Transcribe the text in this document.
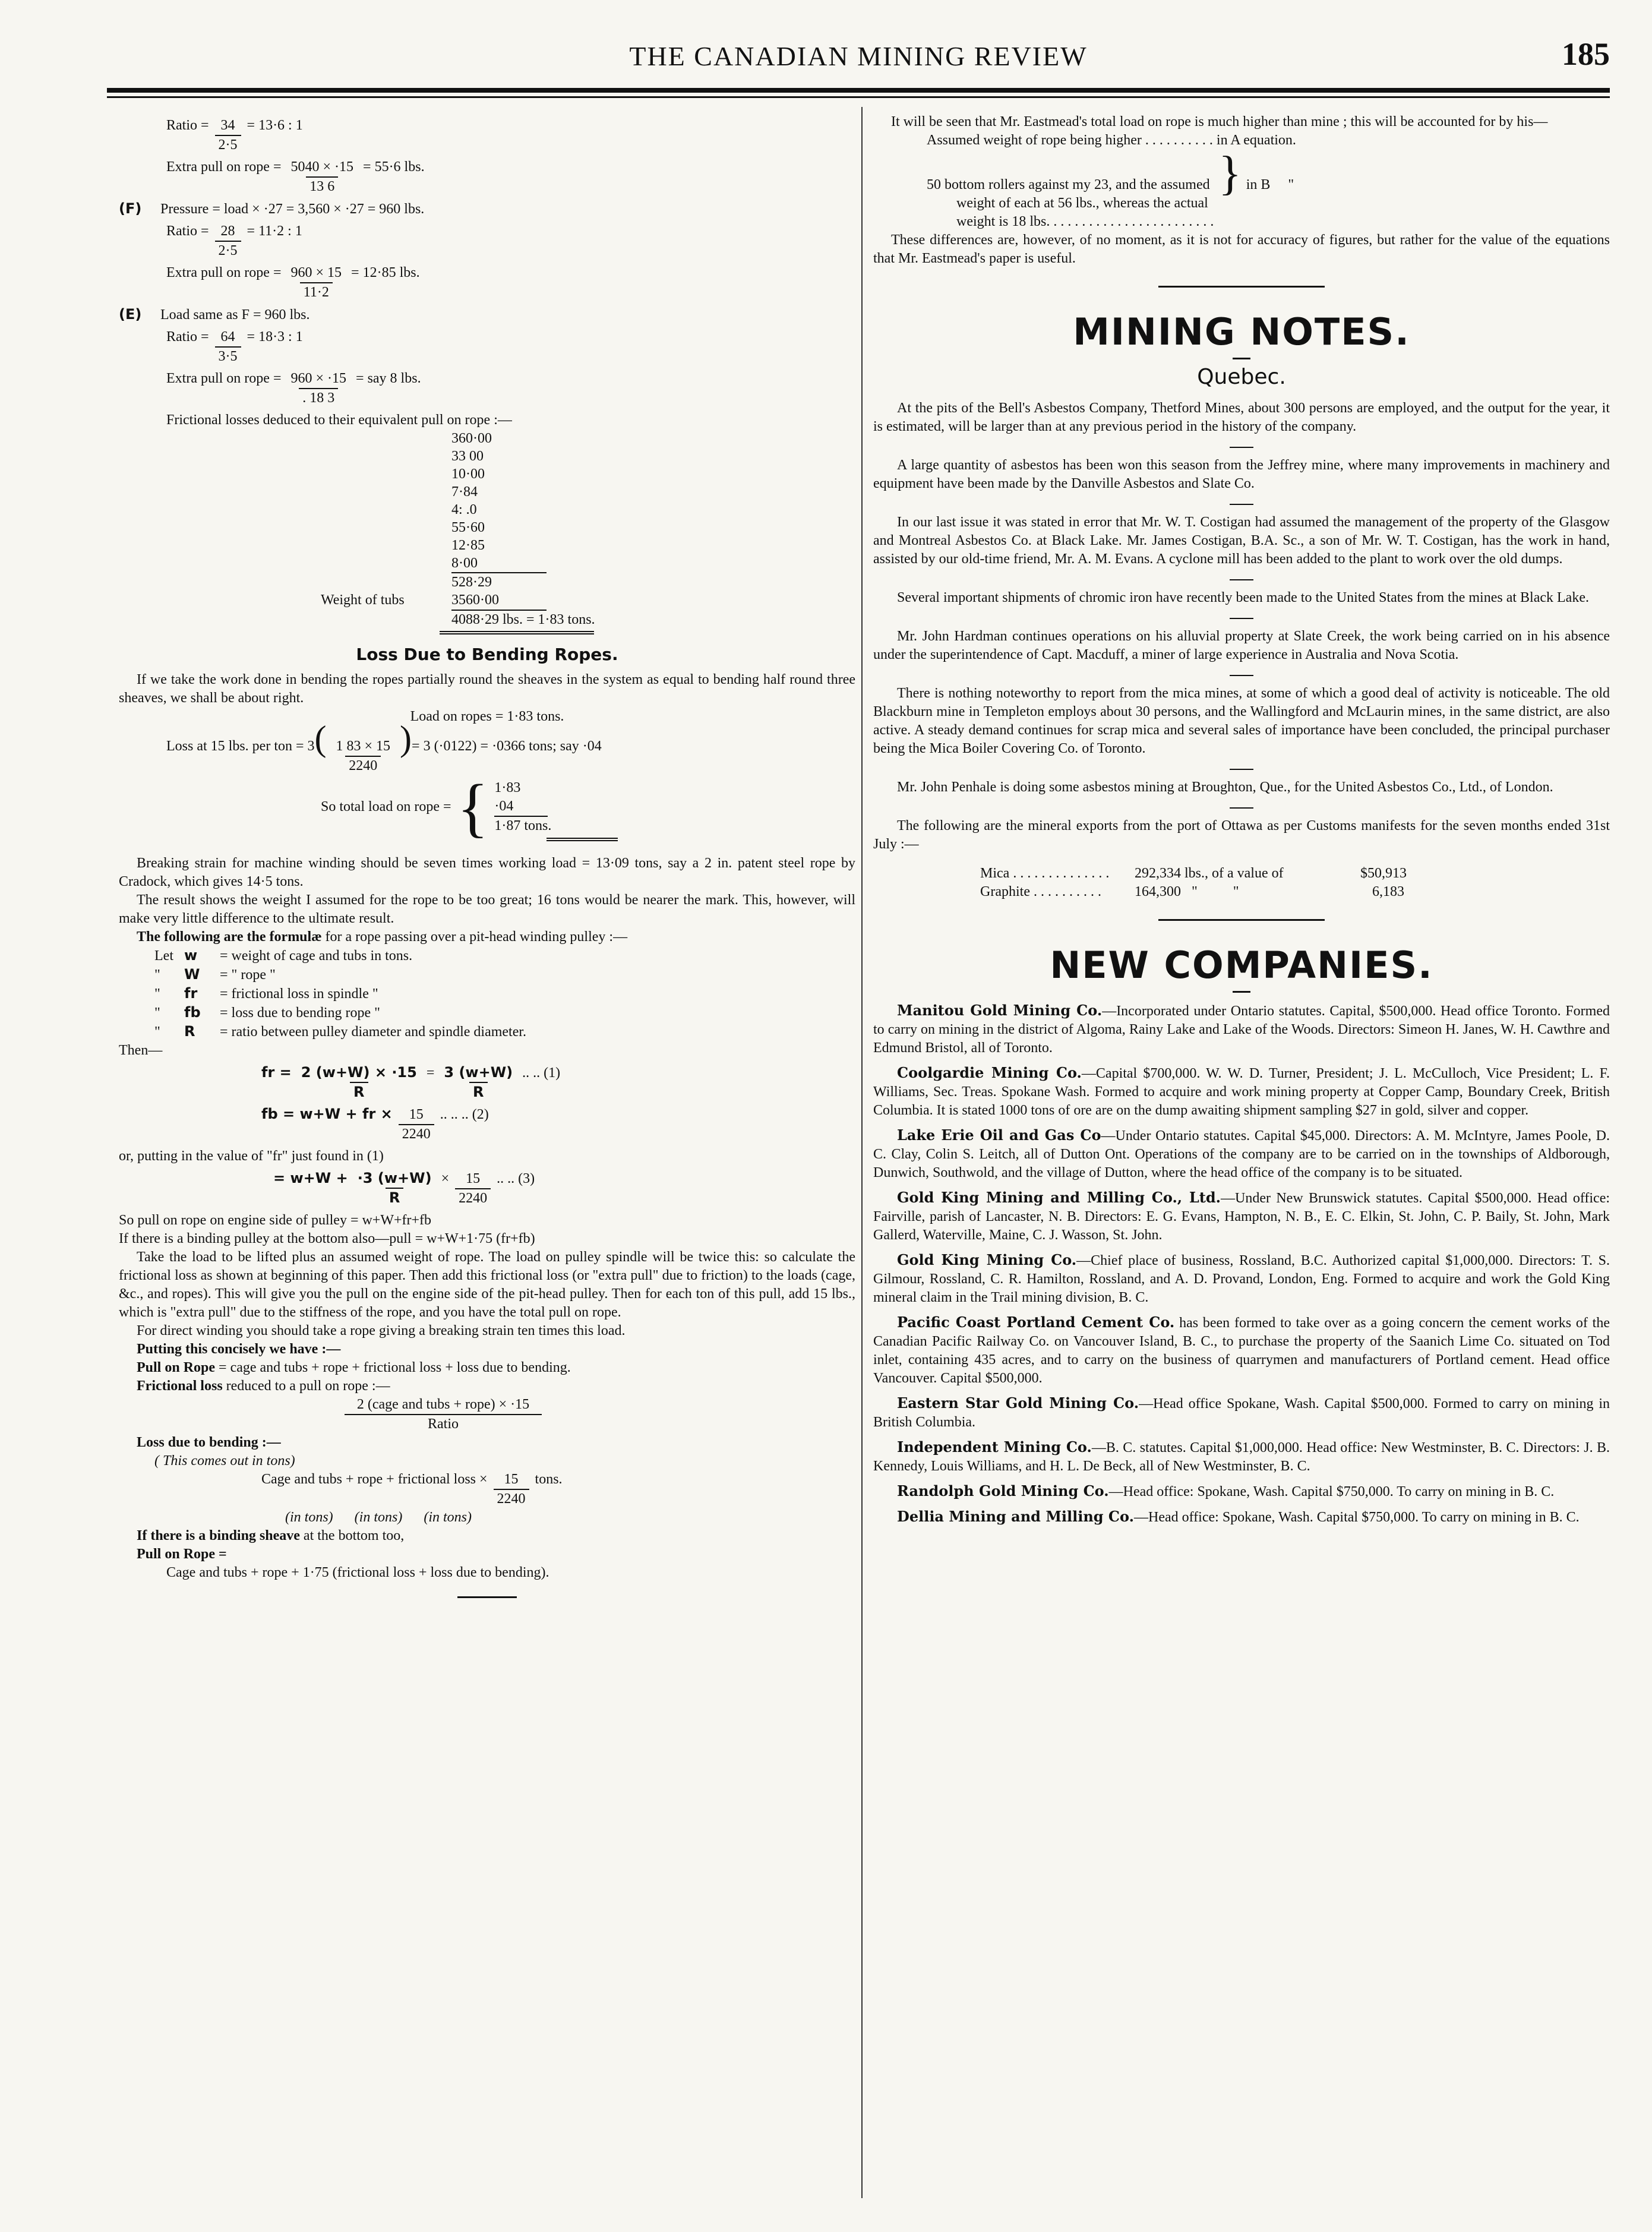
THE CANADIAN MINING REVIEW	185
Ratio = $\frac{34}{2\cdot 5} = 13\cdot 6$ : 1
Extra pull on rope = $\frac{5040 \times \cdot 15}{13 6} = 55\cdot 6$ lbs.
(F)	Pressure = load × ·27 = 3,560 × ·27 = 960 lbs.
Ratio = $\frac{28}{2\cdot 5} = 11\cdot 2$ : 1
Extra pull on rope = $\frac{960 \times 15}{11\cdot 2} = 12\cdot 85$ lbs.
(E)	Load same as F = 960 lbs.
Ratio = $\frac{64}{3\cdot 5} = 18\cdot 3$ : 1
Extra pull on rope = $\frac{960 \times \cdot 15}{. 18 3}$ = say 8 lbs.
Frictional losses deduced to their equivalent pull on rope :—
360·00
33 00
10·00
7·84
4: .0
55·60
12·85
8·00
528·29
Weight of tubs	3560·00
4088·29 lbs. = 1·83 tons.
Loss Due to Bending Ropes.

If we take the work done in bending the ropes partially round the sheaves in the system as equal to bending half round three sheaves, we shall be about right.

Load on ropes = 1·83 tons.
Loss at 15 lbs. per ton = 3 ( $\frac{1 83 \times 15}{2240}$ ) = 3 (·0122) = ·0366 tons; say ·04
So total load on rope = { 1·83
·04
1·87 tons.

Breaking strain for machine winding should be seven times working load = 13·09 tons, say a 2 in. patent steel rope by Cradock, which gives 14·5 tons.

The result shows the weight I assumed for the rope to be too great; 16 tons would be nearer the mark. This, however, will make very little difference to the ultimate result.

The following are the formulæ for a rope passing over a pit-head winding pulley :—

Let w	= weight of cage and tubs in tons.
"	W	= " rope "
"	fr	= frictional loss in spindle "
"	fb	= loss due to bending rope "
"	R	= ratio between pulley diameter and spindle diameter.
Then—
fr = $\frac{2 (w+W) \times \cdot 15}{R} = \frac{3 (w+W)}{R}$ .. .. (1)
fb = w+W + fr × $\frac{15}{2240}$ .. .. .. (2)
or, putting in the value of "fr" just found in (1)
= $w+W + \frac{\cdot 3 (w+W)}{R} \times \frac{15}{2240}$ .. .. (3)
So pull on rope on engine side of pulley = w+W+fr+fb
If there is a binding pulley at the bottom also—pull = w+W+1·75 (fr+fb)

Take the load to be lifted plus an assumed weight of rope. The load on pulley spindle will be twice this: so calculate the frictional loss as shown at beginning of this paper. Then add this frictional loss (or "extra pull" due to friction) to the loads (cage, &c., and ropes). This will give you the pull on the engine side of the pit-head pulley. Then for each ton of this pull, add 15 lbs., which is "extra pull" due to the stiffness of the rope, and you have the total pull on rope.

For direct winding you should take a rope giving a breaking strain ten times this load.

Putting this concisely we have :—
Pull on Rope = cage and tubs + rope + frictional loss + loss due to bending.
Frictional loss reduced to a pull on rope :—
$\frac{\text{2 (cage and tubs + rope) × ·15}}{\text{Ratio}}$
Loss due to bending :—
( This comes out in tons)
Cage and tubs + rope + frictional loss × $\frac{15}{2240}$ tons.
(in tons)      (in tons)      (in tons)
If there is a binding sheave at the bottom too,
Pull on Rope =
Cage and tubs + rope + 1·75 (frictional loss + loss due to bending).

It will be seen that Mr. Eastmead's total load on rope is much higher than mine ; this will be accounted for by his—

Assumed weight of rope being higher . . . . . . . . . . in A equation.
50 bottom rollers against my 23, and the assumed
weight of each at 56 lbs., whereas the actual
weight is 18 lbs. . . . . . . . . . . . . . . . . . . . . . . .
} in B     "

These differences are, however, of no moment, as it is not for accuracy of figures, but rather for the value of the equations that Mr. Eastmead's paper is useful.

MINING NOTES.
Quebec.

At the pits of the Bell's Asbestos Company, Thetford Mines, about 300 persons are employed, and the output for the year, it is estimated, will be larger than at any previous period in the history of the company.

A large quantity of asbestos has been won this season from the Jeffrey mine, where many improvements in machinery and equipment have been made by the Danville Asbestos and Slate Co.

In our last issue it was stated in error that Mr. W. T. Costigan had assumed the management of the property of the Glasgow and Montreal Asbestos Co. at Black Lake. Mr. James Costigan, B.A. Sc., a son of Mr. W. T. Costigan, has the work in hand, assisted by our old-time friend, Mr. A. M. Evans. A cyclone mill has been added to the plant to work over the old dumps.

Several important shipments of chromic iron have recently been made to the United States from the mines at Black Lake.

Mr. John Hardman continues operations on his alluvial property at Slate Creek, the work being carried on in his absence under the superintendence of Capt. Macduff, a miner of large experience in Australia and Nova Scotia.

There is nothing noteworthy to report from the mica mines, at some of which a good deal of activity is noticeable. The old Blackburn mine in Templeton employs about 30 persons, and the Wallingford and McLaurin mines, in the same district, are also active. A steady demand continues for scrap mica and several sales of importance have been concluded, the principal purchaser being the Mica Boiler Covering Co. of Toronto.

Mr. John Penhale is doing some asbestos mining at Broughton, Que., for the United Asbestos Co., Ltd., of London.

The following are the mineral exports from the port of Ottawa as per Customs manifests for the seven months ended 31st July :—

Mica . . . . . . . . . . . . . .	292,334 lbs., of a value of	$50,913
Graphite . . . . . . . . . .	164,300   "          "	6,183
NEW COMPANIES.

Manitou Gold Mining Co.—Incorporated under Ontario statutes. Capital, $500,000. Head office Toronto. Formed to carry on mining in the district of Algoma, Rainy Lake and Lake of the Woods. Directors: Simeon H. Janes, W. H. Cawthre and Edmund Bristol, all of Toronto.

Coolgardie Mining Co.—Capital $700,000. W. W. D. Turner, President; J. L. McCulloch, Vice President; L. F. Williams, Sec. Treas. Spokane Wash. Formed to acquire and work mining property at Copper Camp, Boundary Creek, British Columbia. It is stated 1000 tons of ore are on the dump awaiting shipment sampling $27 in gold, silver and copper.

Lake Erie Oil and Gas Co—Under Ontario statutes. Capital $45,000. Directors: A. M. McIntyre, James Poole, D. C. Clay, Colin S. Leitch, all of Dutton Ont. Operations of the company are to be carried on in the townships of Aldborough, Dunwich, Southwold, and the village of Dutton, where the head office of the company is to be situated.

Gold King Mining and Milling Co., Ltd.—Under New Brunswick statutes. Capital $500,000. Head office: Fairville, parish of Lancaster, N. B. Directors: E. G. Evans, Hampton, N. B., E. C. Elkin, St. John, C. P. Baily, St. John, Mark Gallerd, Waterville, Maine, C. J. Wasson, St. John.

Gold King Mining Co.—Chief place of business, Rossland, B.C. Authorized capital $1,000,000. Directors: T. S. Gilmour, Rossland, C. R. Hamilton, Rossland, and A. D. Provand, London, Eng. Formed to acquire and work the Gold King mineral claim in the Trail mining division, B. C.

Pacific Coast Portland Cement Co. has been formed to take over as a going concern the cement works of the Canadian Pacific Railway Co. on Vancouver Island, B. C., to purchase the property of the Saanich Lime Co. situated on Tod inlet, containing 435 acres, and to carry on the business of quarrymen and manufacturers of Portland cement. Head office Vancouver. Capital $500,000.

Eastern Star Gold Mining Co.—Head office Spokane, Wash. Capital $500,000. Formed to carry on mining in British Columbia.

Independent Mining Co.—B. C. statutes. Capital $1,000,000. Head office: New Westminster, B. C. Directors: J. B. Kennedy, Louis Williams, and H. L. De Beck, all of New Westminster, B. C.

Randolph Gold Mining Co.—Head office: Spokane, Wash. Capital $750,000. To carry on mining in B. C.

Dellia Mining and Milling Co.—Head office: Spokane, Wash. Capital $750,000. To carry on mining in B. C.
